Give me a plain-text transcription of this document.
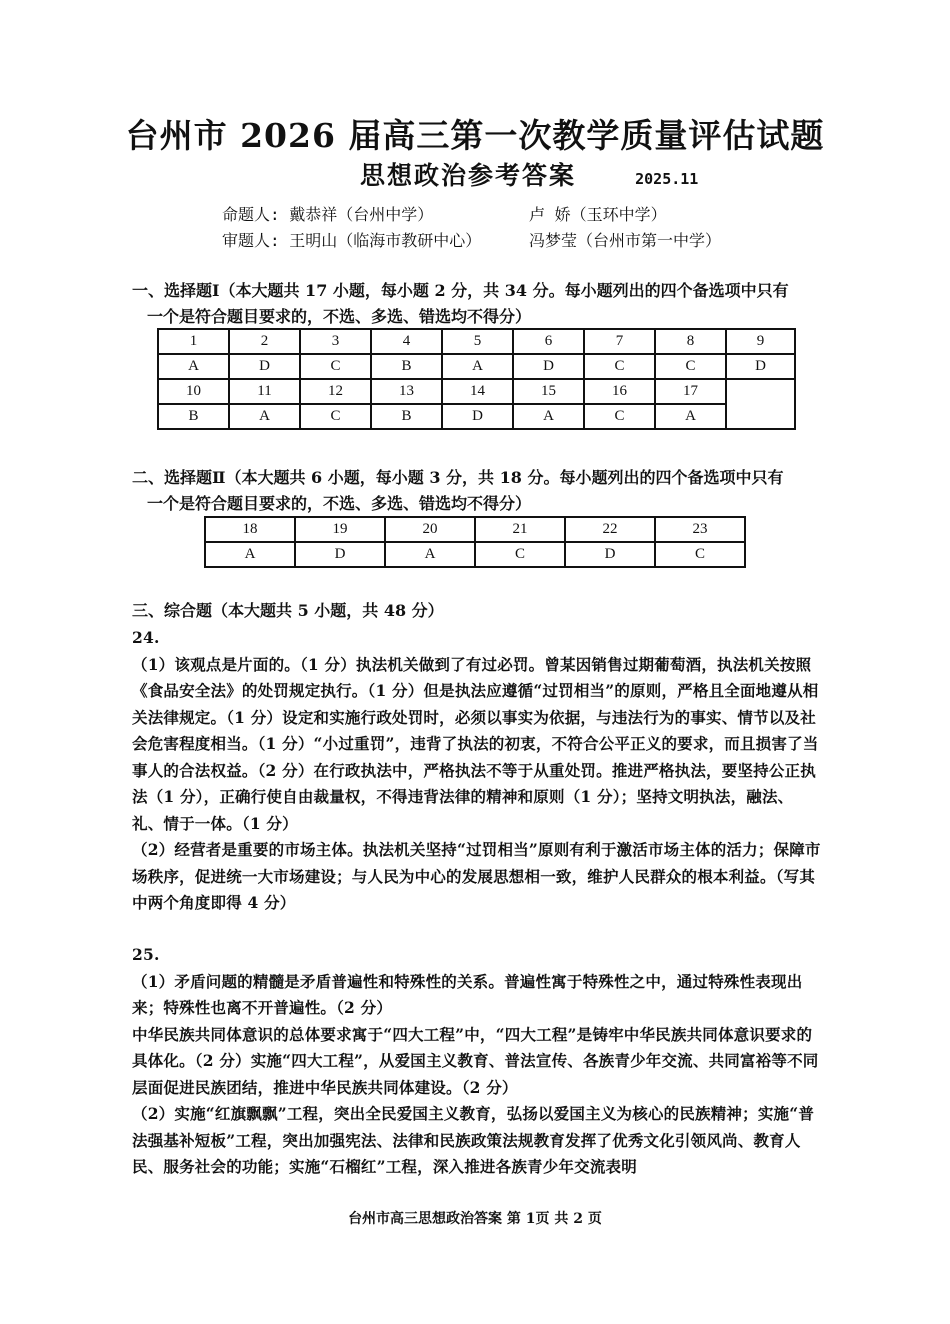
台州市 2026 届高三第一次教学质量评估试题
思想政治参考答案	2025.11
命题人: 戴恭祥（台州中学）	卢 娇（玉环中学）
审题人: 王明山（临海市教研中心）	冯梦莹（台州市第一中学）
一、选择题Ⅰ（本大题共 17 小题，每小题 2 分，共 34 分。每小题列出的四个备选项中只有
一个是符合题目要求的，不选、多选、错选均不得分）
1	2	3	4	5	6	7	8	9
A	D	C	B	A	D	C	C	D
10	11	12	13	14	15	16	17	
B	A	C	B	D	A	C	A	
二、选择题Ⅱ（本大题共 6 小题，每小题 3 分，共 18 分。每小题列出的四个备选项中只有
一个是符合题目要求的，不选、多选、错选均不得分）
18	19	20	21	22	23
A	D	A	C	D	C
三、综合题（本大题共 5 小题，共 48 分）

24.

（1）该观点是片面的。（1 分）执法机关做到了有过必罚。曾某因销售过期葡萄酒，执法机关按照《食品安全法》的处罚规定执行。（1 分）但是执法应遵循“过罚相当”的原则，严格且全面地遵从相关法律规定。（1 分）设定和实施行政处罚时，必须以事实为依据，与违法行为的事实、情节以及社会危害程度相当。（1 分）“小过重罚”，违背了执法的初衷，不符合公平正义的要求，而且损害了当事人的合法权益。（2 分）在行政执法中，严格执法不等于从重处罚。推进严格执法，要坚持公正执法（1 分），正确行使自由裁量权，不得违背法律的精神和原则（1 分）；坚持文明执法，融法、礼、情于一体。（1 分）

（2）经营者是重要的市场主体。执法机关坚持“过罚相当”原则有利于激活市场主体的活力；保障市场秩序，促进统一大市场建设；与人民为中心的发展思想相一致，维护人民群众的根本利益。（写其中两个角度即得 4 分）

25.

（1）矛盾问题的精髓是矛盾普遍性和特殊性的关系。普遍性寓于特殊性之中，通过特殊性表现出来；特殊性也离不开普遍性。（2 分）

中华民族共同体意识的总体要求寓于“四大工程”中，“四大工程”是铸牢中华民族共同体意识要求的具体化。（2 分）实施“四大工程”，从爱国主义教育、普法宣传、各族青少年交流、共同富裕等不同层面促进民族团结，推进中华民族共同体建设。（2 分）

（2）实施“红旗飘飘”工程，突出全民爱国主义教育，弘扬以爱国主义为核心的民族精神；实施“普法强基补短板”工程，突出加强宪法、法律和民族政策法规教育发挥了优秀文化引领风尚、教育人民、服务社会的功能；实施“石榴红”工程，深入推进各族青少年交流表明

台州市高三思想政治答案 第 1页 共 2 页
